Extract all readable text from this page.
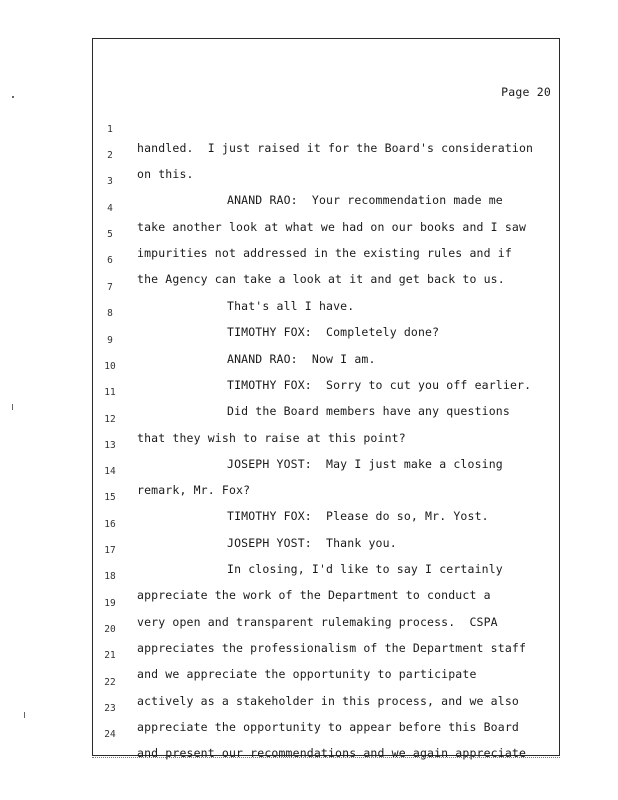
Page 20

1

handled.  I just raised it for the Board's consideration

2

on this.

3

ANAND RAO:  Your recommendation made me

4

take another look at what we had on our books and I saw

5

impurities not addressed in the existing rules and if

6

the Agency can take a look at it and get back to us.

7

That's all I have.

8

TIMOTHY FOX:  Completely done?

9

ANAND RAO:  Now I am.

10

TIMOTHY FOX:  Sorry to cut you off earlier.

11

Did the Board members have any questions

12

that they wish to raise at this point?

13

JOSEPH YOST:  May I just make a closing

14

remark, Mr. Fox?

15

TIMOTHY FOX:  Please do so, Mr. Yost.

16

JOSEPH YOST:  Thank you.

17

In closing, I'd like to say I certainly

18

appreciate the work of the Department to conduct a

19

very open and transparent rulemaking process.  CSPA

20

appreciates the professionalism of the Department staff

21

and we appreciate the opportunity to participate

22

actively as a stakeholder in this process, and we also

23

appreciate the opportunity to appear before this Board

24

and present our recommendations and we again appreciate
